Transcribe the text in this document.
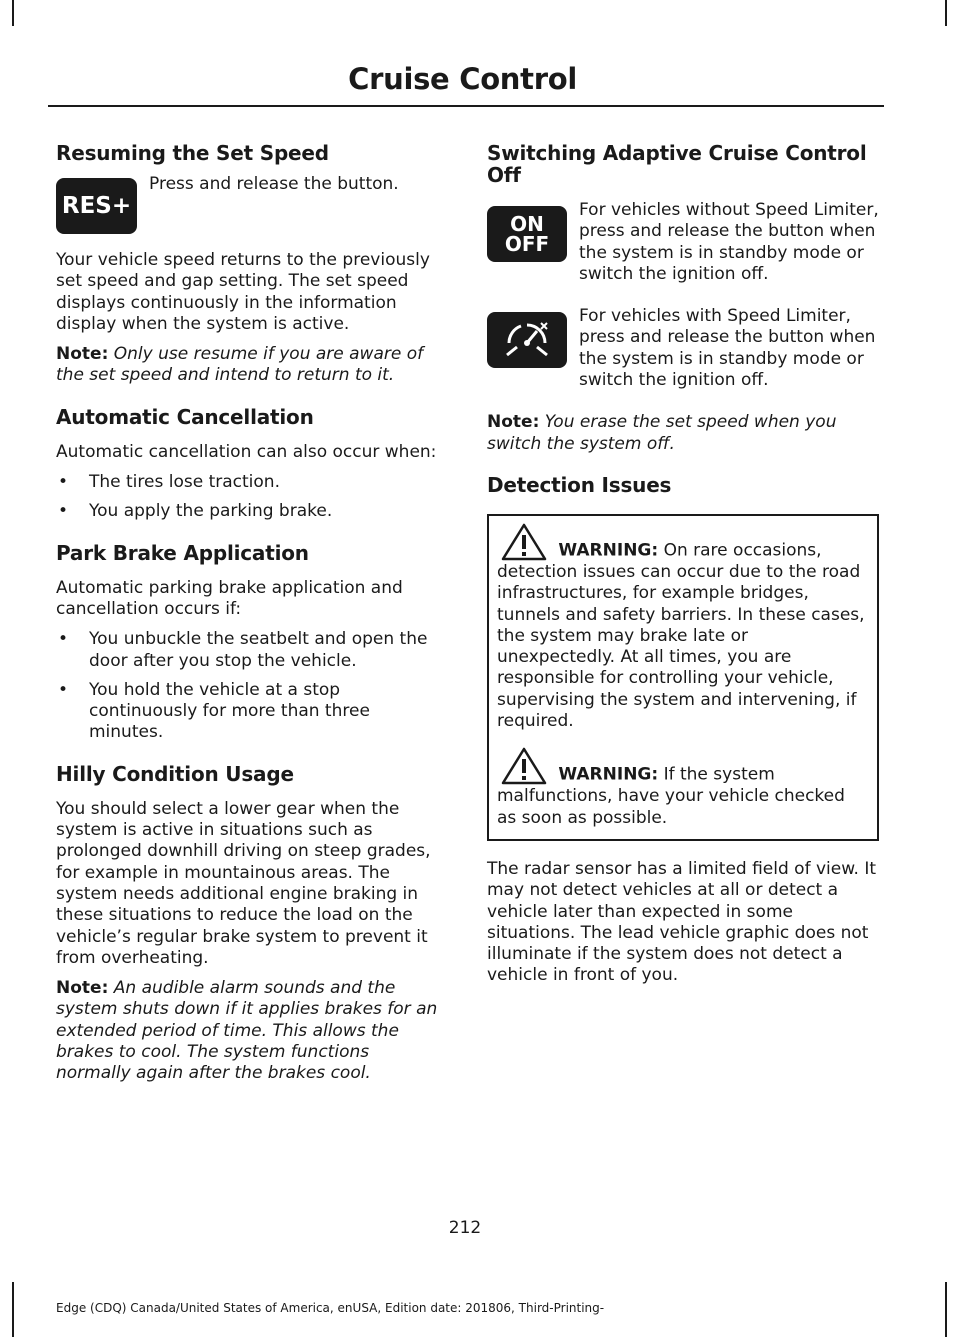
Cruise Control
Resuming the Set Speed
RES+

Press and release the button.

Your vehicle speed returns to the previously set speed and gap setting. The set speed displays continuously in the information display when the system is active.

Note: Only use resume if you are aware of the set speed and intend to return to it.

Automatic Cancellation

Automatic cancellation can also occur when:

• The tires lose traction.
• You apply the parking brake.
Park Brake Application

Automatic parking brake application and cancellation occurs if:

• You unbuckle the seatbelt and open the door after you stop the vehicle.
• You hold the vehicle at a stop continuously for more than three minutes.
Hilly Condition Usage

You should select a lower gear when the system is active in situations such as prolonged downhill driving on steep grades, for example in mountainous areas. The system needs additional engine braking in these situations to reduce the load on the vehicle’s regular brake system to prevent it from overheating.

Note: An audible alarm sounds and the system shuts down if it applies brakes for an extended period of time. This allows the brakes to cool. The system functions normally again after the brakes cool.

Switching Adaptive Cruise Control Off
ON
OFF

For vehicles without Speed Limiter, press and release the button when the system is in standby mode or switch the ignition off.

For vehicles with Speed Limiter, press and release the button when the system is in standby mode or switch the ignition off.

Note: You erase the set speed when you switch the system off.

Detection Issues
WARNING: On rare occasions, detection issues can occur due to the road infrastructures, for example bridges, tunnels and safety barriers. In these cases, the system may brake late or unexpectedly. At all times, you are responsible for controlling your vehicle, supervising the system and intervening, if required.
WARNING: If the system malfunctions, have your vehicle checked as soon as possible.

The radar sensor has a limited field of view. It may not detect vehicles at all or detect a vehicle later than expected in some situations. The lead vehicle graphic does not illuminate if the system does not detect a vehicle in front of you.

212
Edge (CDQ) Canada/United States of America, enUSA, Edition date: 201806, Third-Printing-
